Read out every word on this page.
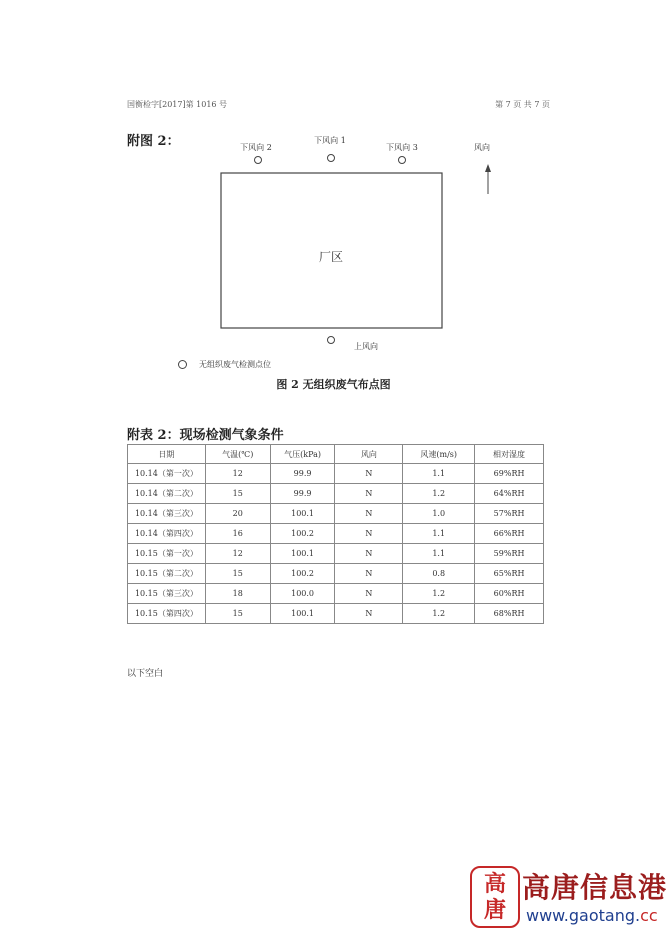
国衡检字[2017]第 1016 号	第 7 页 共 7 页
附图 2：
厂区
下风向 2
下风向 1
下风向 3
上风向
风向
无组织废气检测点位
图 2 无组织废气布点图
附表 2：现场检测气象条件
日期	气温(℃)	气压(kPa)	风向	风速(m/s)	相对湿度
10.14（第一次）	12	99.9	N	1.1	69%RH
10.14（第二次）	15	99.9	N	1.2	64%RH
10.14（第三次）	20	100.1	N	1.0	57%RH
10.14（第四次）	16	100.2	N	1.1	66%RH
10.15（第一次）	12	100.1	N	1.1	59%RH
10.15（第二次）	15	100.2	N	0.8	65%RH
10.15（第三次）	18	100.0	N	1.2	60%RH
10.15（第四次）	15	100.1	N	1.2	68%RH
以下空白
高
唐
高唐信息港
www.gaotang.cc
